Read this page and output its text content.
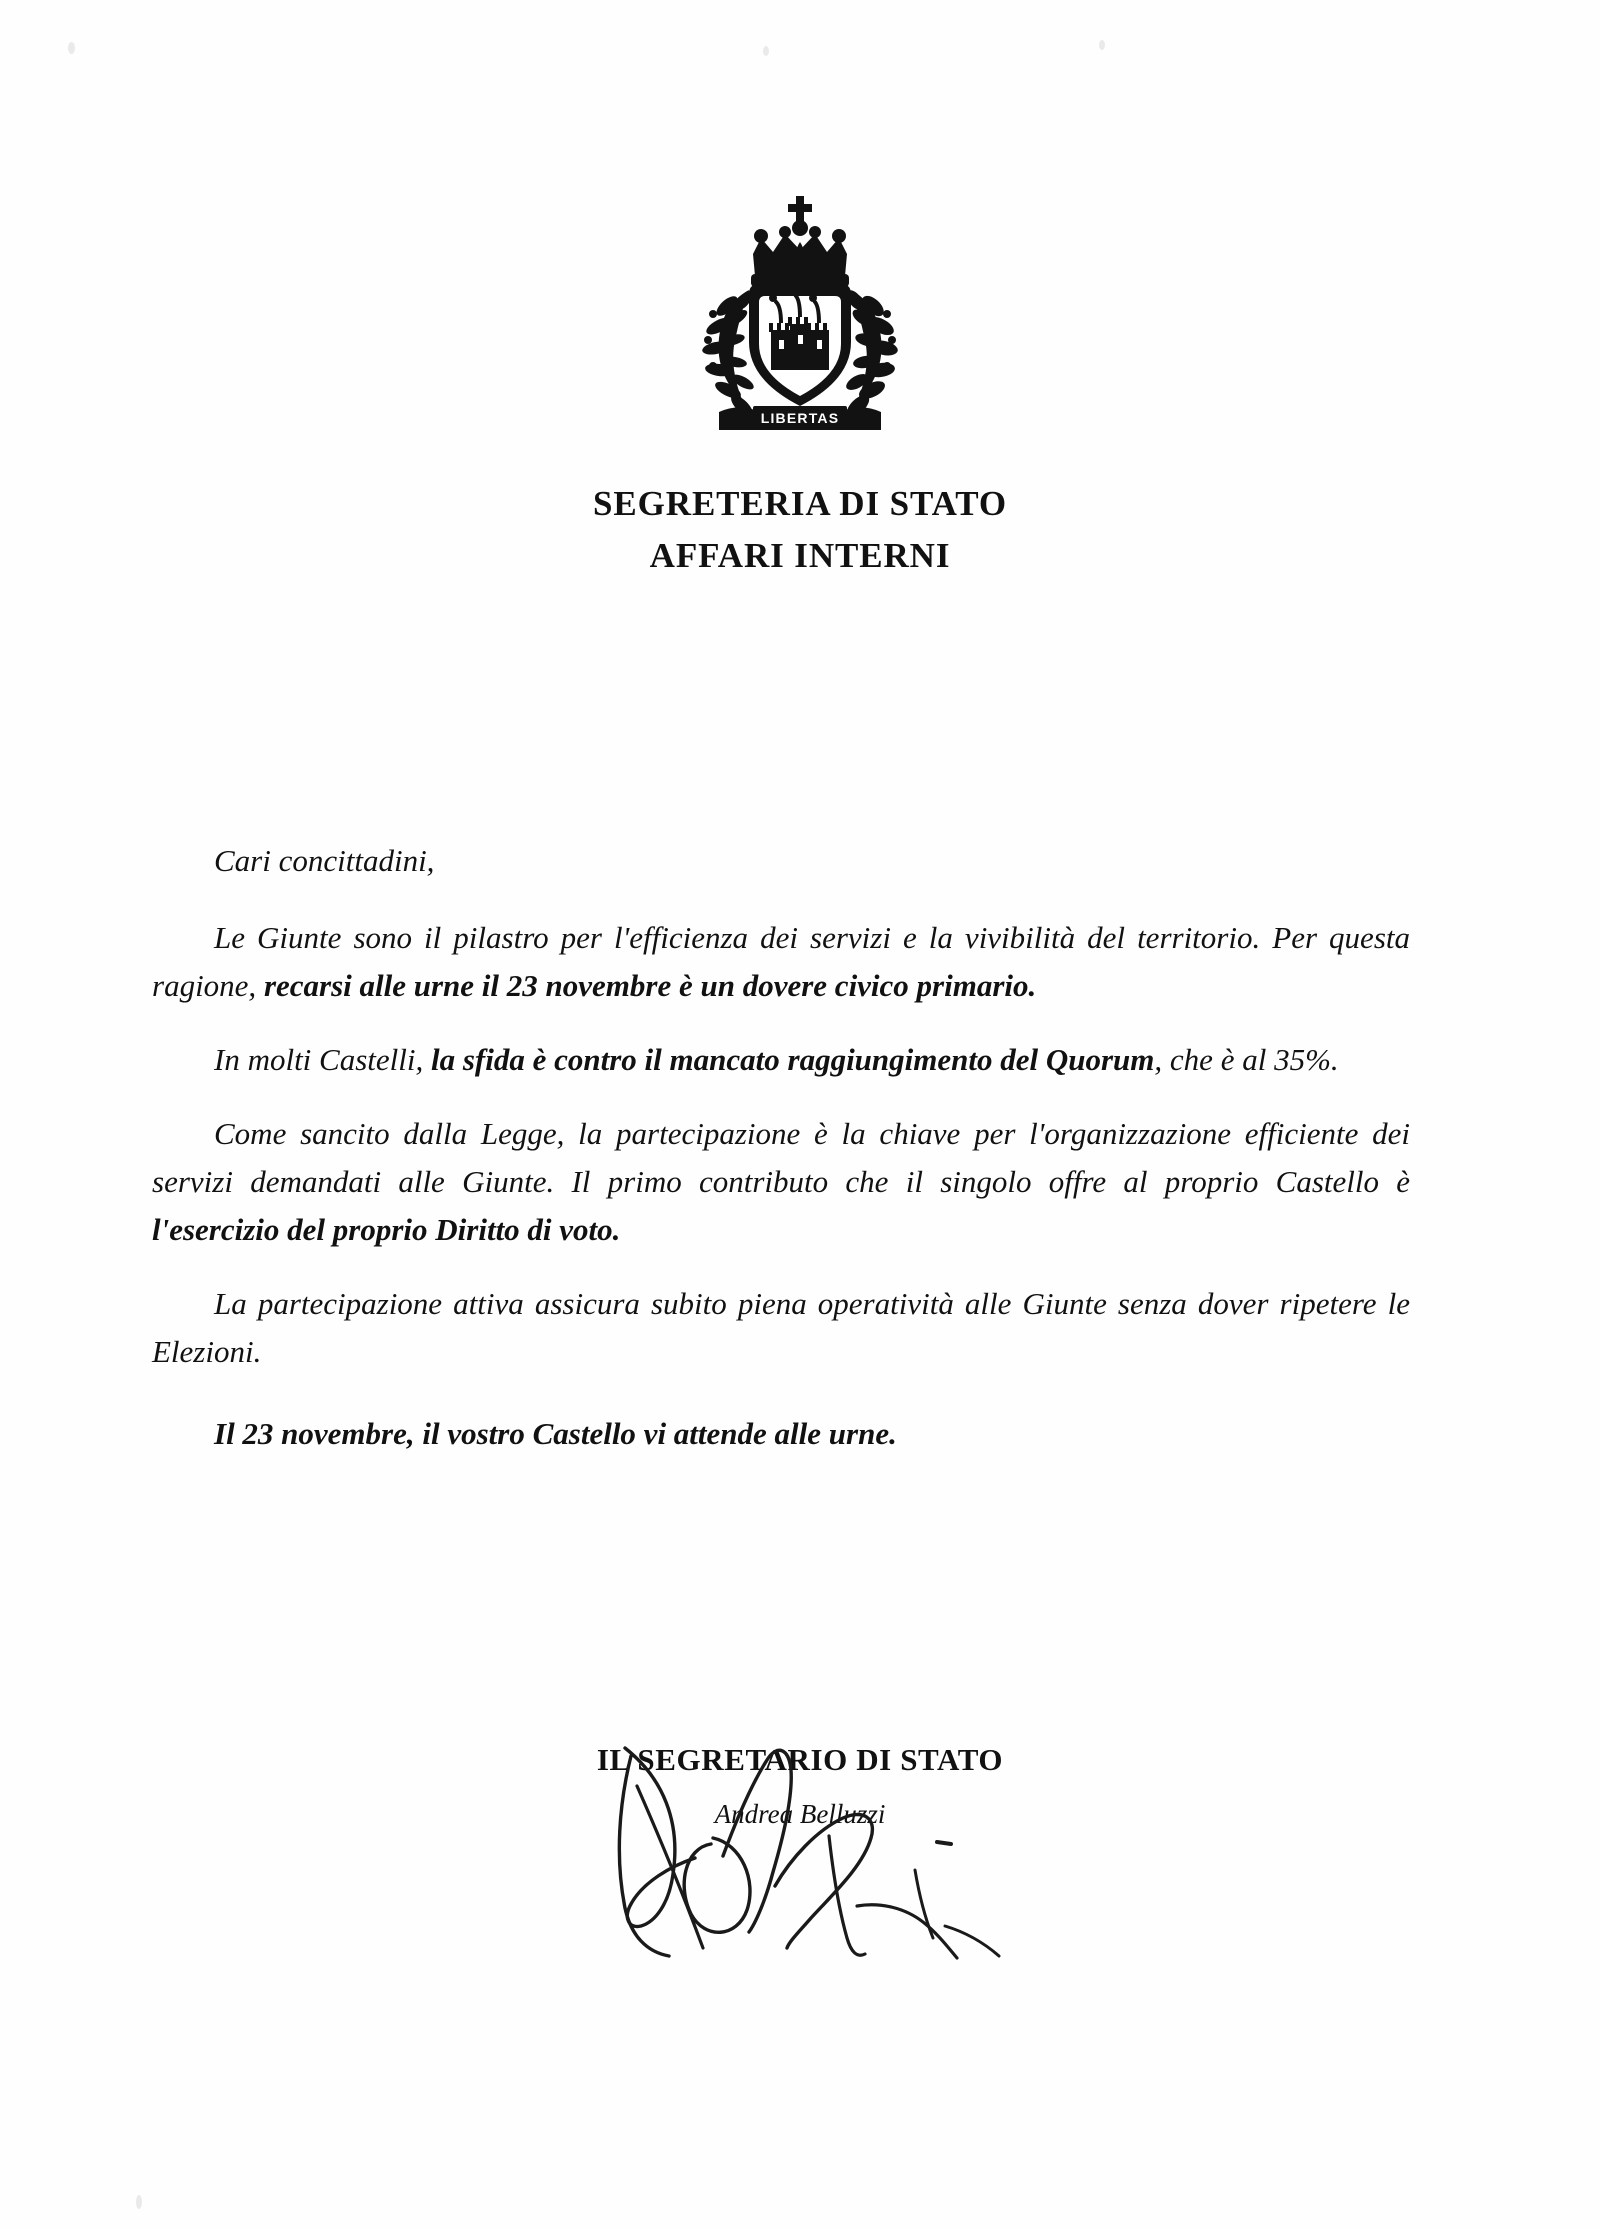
LIBERTAS
SEGRETERIA DI STATO
AFFARI INTERNI

Cari concittadini,

Le Giunte sono il pilastro per l'efficienza dei servizi e la vivibilità del territorio. Per questa ragione, recarsi alle urne il 23 novembre è un dovere civico primario.

In molti Castelli, la sfida è contro il mancato raggiungimento del Quorum, che è al 35%.

Come sancito dalla Legge, la partecipazione è la chiave per l'organizzazione efficiente dei servizi demandati alle Giunte. Il primo contributo che il singolo offre al proprio Castello è l'esercizio del proprio Diritto di voto.

La partecipazione attiva assicura subito piena operatività alle Giunte senza dover ripetere le Elezioni.

Il 23 novembre, il vostro Castello vi attende alle urne.

IL SEGRETARIO DI STATO
Andrea Belluzzi
